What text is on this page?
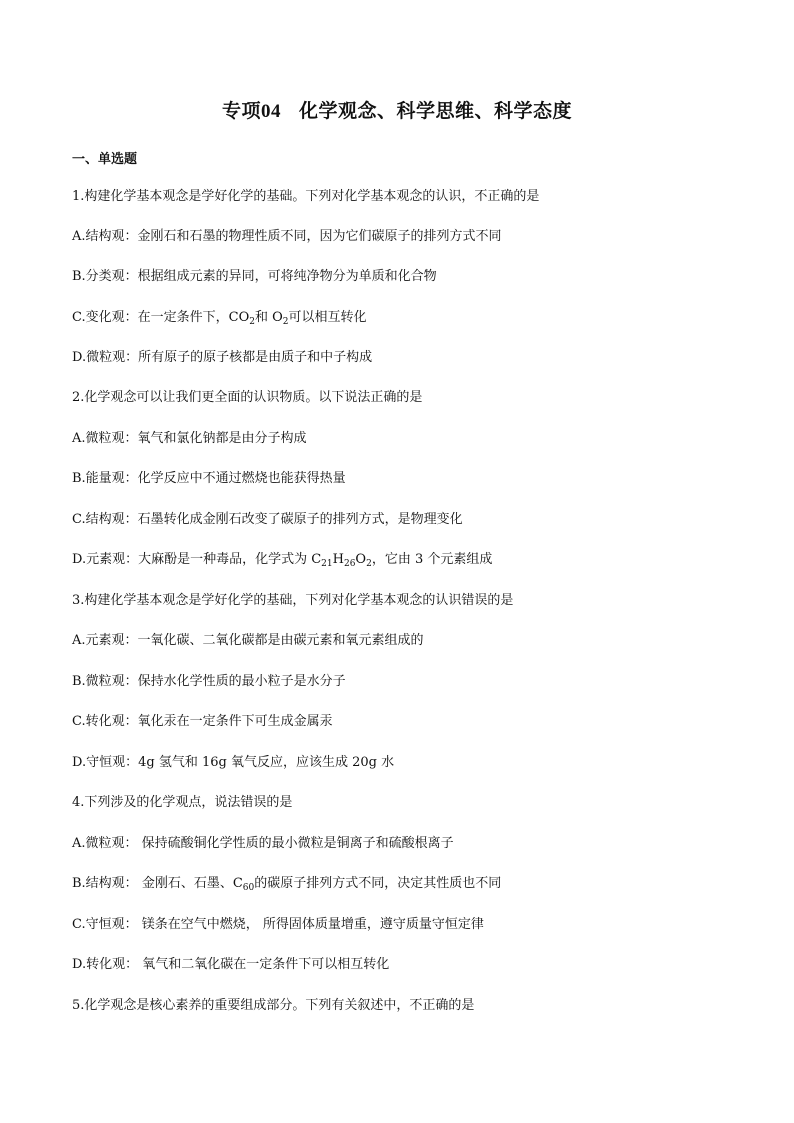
专项04 化学观念、科学思维、科学态度
一、单选题
1.构建化学基本观念是学好化学的基础。下列对化学基本观念的认识，不正确的是
A.结构观：金刚石和石墨的物理性质不同，因为它们碳原子的排列方式不同
B.分类观：根据组成元素的异同，可将纯净物分为单质和化合物
C.变化观：在一定条件下，$CO_2$和 $O_2$可以相互转化
D.微粒观：所有原子的原子核都是由质子和中子构成
2.化学观念可以让我们更全面的认识物质。以下说法正确的是
A.微粒观：氧气和氯化钠都是由分子构成
B.能量观：化学反应中不通过燃烧也能获得热量
C.结构观：石墨转化成金刚石改变了碳原子的排列方式，是物理变化
D.元素观：大麻酚是一种毒品，化学式为 $C_{21}H_{26}O_2$，它由 3 个元素组成
3.构建化学基本观念是学好化学的基础，下列对化学基本观念的认识错误的是
A.元素观：一氧化碳、二氧化碳都是由碳元素和氧元素组成的
B.微粒观：保持水化学性质的最小粒子是水分子
C.转化观：氧化汞在一定条件下可生成金属汞
D.守恒观：4g 氢气和 16g 氧气反应，应该生成 20g 水
4.下列涉及的化学观点，说法错误的是
A.微粒观： 保持硫酸铜化学性质的最小微粒是铜离子和硫酸根离子
B.结构观： 金刚石、石墨、$C_{60}$的碳原子排列方式不同，决定其性质也不同
C.守恒观： 镁条在空气中燃烧， 所得固体质量增重，遵守质量守恒定律
D.转化观： 氧气和二氧化碳在一定条件下可以相互转化
5.化学观念是核心素养的重要组成部分。下列有关叙述中，不正确的是
